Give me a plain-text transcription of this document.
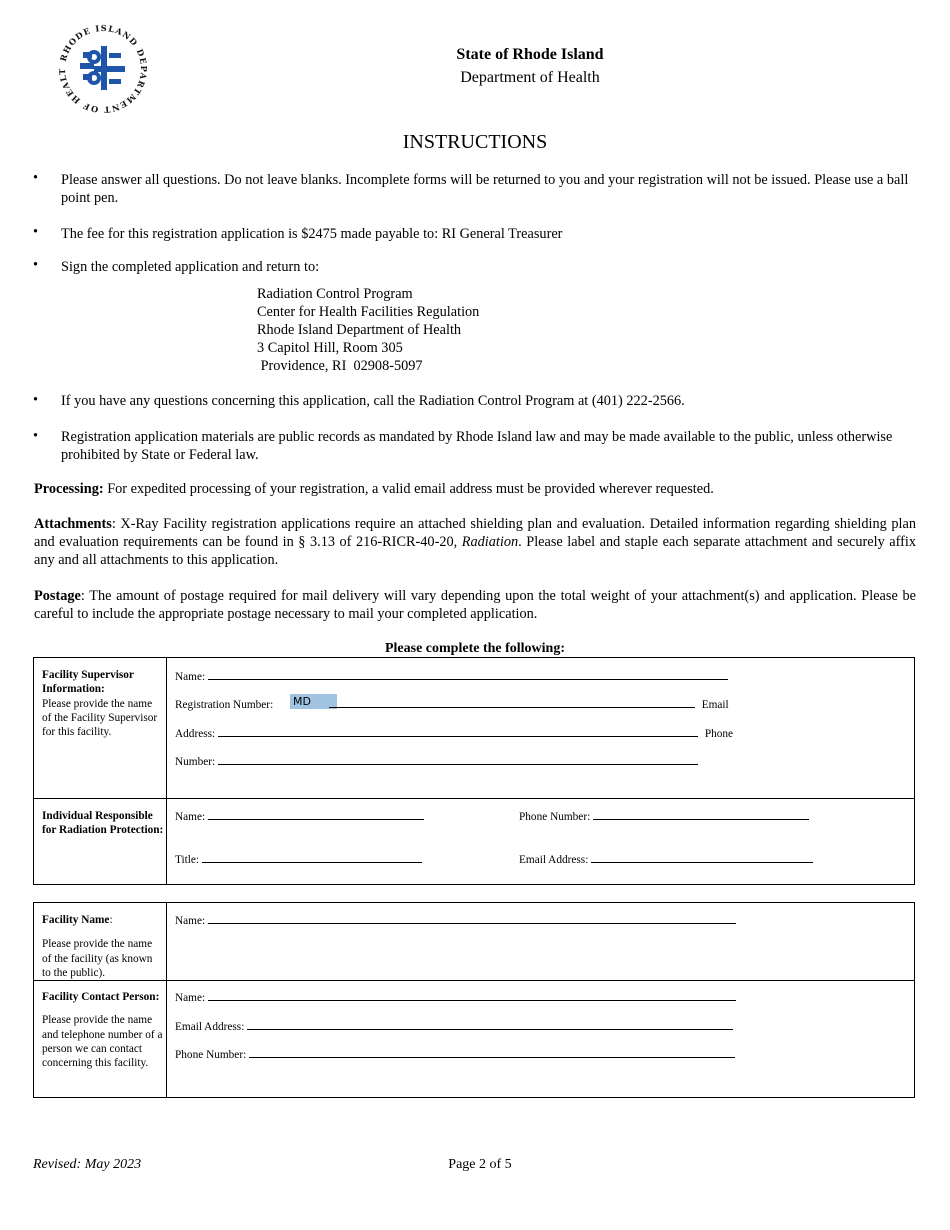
RHODE ISLAND DEPARTMENT OF HEALT
State of Rhode Island
Department of Health
INSTRUCTIONS
• Please answer all questions. Do not leave blanks. Incomplete forms will be returned to you and your registration will not be issued. Please use a ball point pen.
• The fee for this registration application is $2475 made payable to: RI General Treasurer
• Sign the completed application and return to:
Radiation Control Program
Center for Health Facilities Regulation
Rhode Island Department of Health
3 Capitol Hill, Room 305
Providence, RI  02908-5097
• If you have any questions concerning this application, call the Radiation Control Program at (401) 222-2566.
• Registration application materials are public records as mandated by Rhode Island law and may be made available to the public, unless otherwise prohibited by State or Federal law.
Processing: For expedited processing of your registration, a valid email address must be provided wherever requested.
Attachments: X-Ray Facility registration applications require an attached shielding plan and evaluation. Detailed information regarding shielding plan and evaluation requirements can be found in § 3.13 of 216-RICR-40-20, Radiation. Please label and staple each separate attachment and securely affix any and all attachments to this application.
Postage: The amount of postage required for mail delivery will vary depending upon the total weight of your attachment(s) and application. Please be careful to include the appropriate postage necessary to mail your completed application.
Please complete the following:
Facility Supervisor Information:
Please provide the name of the Facility Supervisor for this facility.
Name:
MD
Registration Number:	Email
Address:	Phone
Number:
Individual Responsible for Radiation Protection:
Name:	Phone Number:
Title:	Email Address:
Facility Name:
Please provide the name of the facility (as known to the public).
Name:
Facility Contact Person:
Please provide the name and telephone number of a person we can contact concerning this facility.
Name:
Email Address:
Phone Number:
Revised: May 2023	Page 2 of 5
